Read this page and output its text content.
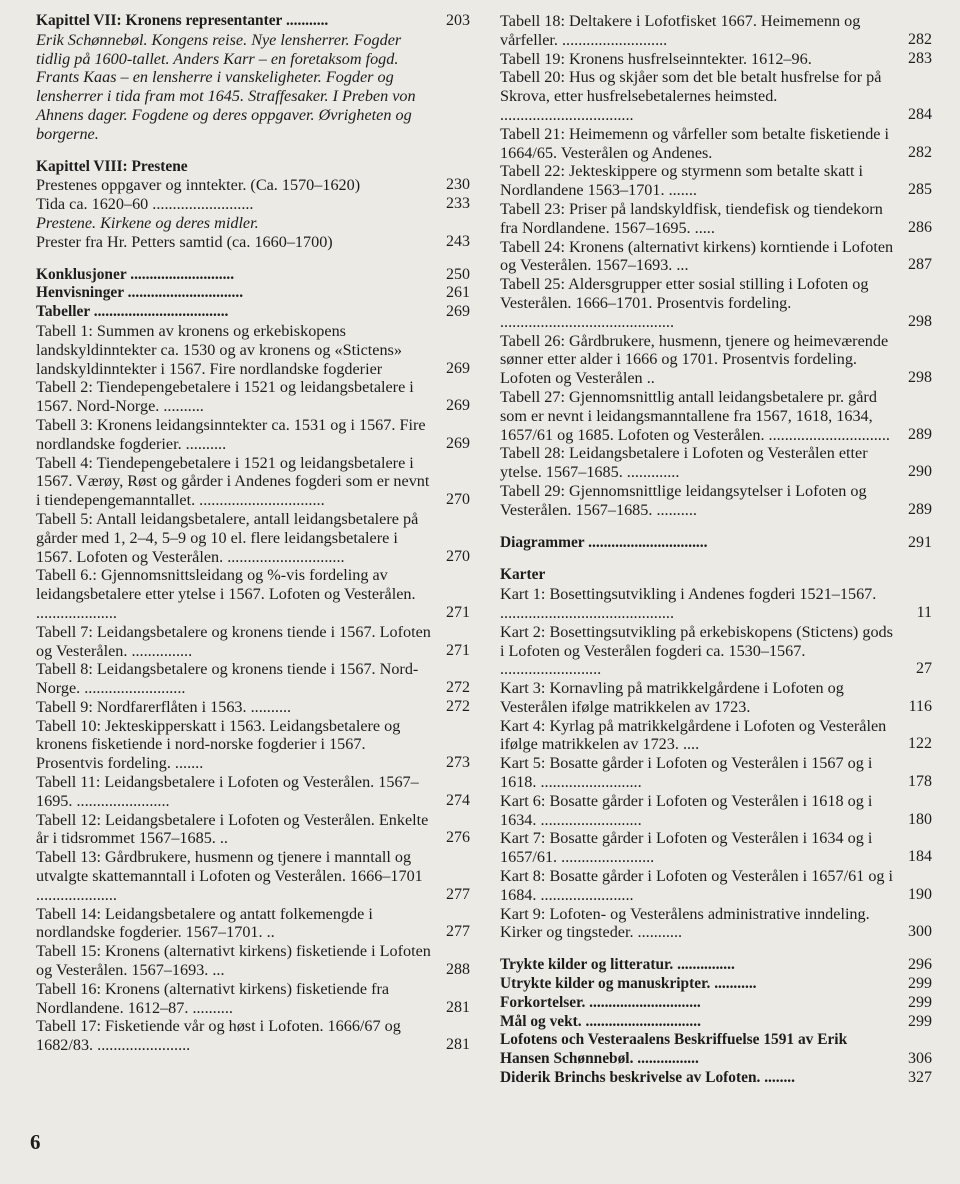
Kapittel VII: Kronens representanter ...........	203
Erik Schønnebøl. Kongens reise. Nye lensherrer. Fogder tidlig på 1600-tallet. Anders Karr – en foretaksom fogd. Frants Kaas – en lensherre i vanskeligheter. Fogder og lensherrer i tida fram mot 1645. Straffesaker. I Preben von Ahnens dager. Fogdene og deres oppgaver. Øvrigheten og borgerne.
Kapittel VIII: Prestene
Prestenes oppgaver og inntekter. (Ca. 1570–1620)	230
Tida ca. 1620–60 .........................	233
Prestene. Kirkene og deres midler.
Prester fra Hr. Petters samtid (ca. 1660–1700)	243
Konklusjoner ...........................	250
Henvisninger ..............................	261
Tabeller ...................................	269
Tabell 1: Summen av kronens og erkebiskopens landskyldinntekter ca. 1530 og av kronens og «Stictens» landskyldinntekter i 1567. Fire nordlandske fogderier	269
Tabell 2: Tiendepengebetalere i 1521 og leidangsbetalere i 1567. Nord-Norge. ..........	269
Tabell 3: Kronens leidangsinntekter ca. 1531 og i 1567. Fire nordlandske fogderier. ..........	269
Tabell 4: Tiendepengebetalere i 1521 og leidangsbetalere i 1567. Værøy, Røst og gårder i Andenes fogderi som er nevnt i tiendepengemanntallet. ...............................	270
Tabell 5: Antall leidangsbetalere, antall leidangsbetalere på gårder med 1, 2–4, 5–9 og 10 el. flere leidangsbetalere i 1567. Lofoten og Vesterålen. .............................	270
Tabell 6.: Gjennomsnittsleidang og %-vis fordeling av leidangsbetalere etter ytelse i 1567. Lofoten og Vesterålen. ....................	271
Tabell 7: Leidangsbetalere og kronens tiende i 1567. Lofoten og Vesterålen. ...............	271
Tabell 8: Leidangsbetalere og kronens tiende i 1567. Nord-Norge. .........................	272
Tabell 9: Nordfarerflåten i 1563. ..........	272
Tabell 10: Jekteskipperskatt i 1563. Leidangsbetalere og kronens fisketiende i nord-norske fogderier i 1567. Prosentvis fordeling. .......	273
Tabell 11: Leidangsbetalere i Lofoten og Vesterålen. 1567–1695. .......................	274
Tabell 12: Leidangsbetalere i Lofoten og Vesterålen. Enkelte år i tidsrommet 1567–1685. ..	276
Tabell 13: Gårdbrukere, husmenn og tjenere i manntall og utvalgte skattemanntall i Lofoten og Vesterålen. 1666–1701 ....................	277
Tabell 14: Leidangsbetalere og antatt folkemengde i nordlandske fogderier. 1567–1701. ..	277
Tabell 15: Kronens (alternativt kirkens) fisketiende i Lofoten og Vesterålen. 1567–1693. ...	288
Tabell 16: Kronens (alternativt kirkens) fisketiende fra Nordlandene. 1612–87. ..........	281
Tabell 17: Fisketiende vår og høst i Lofoten. 1666/67 og 1682/83. .......................	281
Tabell 18: Deltakere i Lofotfisket 1667. Heimemenn og vårfeller. ..........................	282
Tabell 19: Kronens husfrelseinntekter. 1612–96.	283
Tabell 20: Hus og skjåer som det ble betalt husfrelse for på Skrova, etter husfrelsebetalernes heimsted. .................................	284
Tabell 21: Heimemenn og vårfeller som betalte fisketiende i 1664/65. Vesterålen og Andenes.	282
Tabell 22: Jekteskippere og styrmenn som betalte skatt i Nordlandene 1563–1701. .......	285
Tabell 23: Priser på landskyldfisk, tiendefisk og tiendekorn fra Nordlandene. 1567–1695. .....	286
Tabell 24: Kronens (alternativt kirkens) korntiende i Lofoten og Vesterålen. 1567–1693. ...	287
Tabell 25: Aldersgrupper etter sosial stilling i Lofoten og Vesterålen. 1666–1701. Prosentvis fordeling. ...........................................	298
Tabell 26: Gårdbrukere, husmenn, tjenere og heimeværende sønner etter alder i 1666 og 1701. Prosentvis fordeling. Lofoten og Vesterålen ..	298
Tabell 27: Gjennomsnittlig antall leidangsbetalere pr. gård som er nevnt i leidangsmanntallene fra 1567, 1618, 1634, 1657/61 og 1685. Lofoten og Vesterålen. ..............................	289
Tabell 28: Leidangsbetalere i Lofoten og Vesterålen etter ytelse. 1567–1685. .............	290
Tabell 29: Gjennomsnittlige leidangsytelser i Lofoten og Vesterålen. 1567–1685. ..........	289
Diagrammer ...............................	291
Karter
Kart 1: Bosettingsutvikling i Andenes fogderi 1521–1567. ...........................................	11
Kart 2: Bosettingsutvikling på erkebiskopens (Stictens) gods i Lofoten og Vesterålen fogderi ca. 1530–1567. .........................	27
Kart 3: Kornavling på matrikkelgårdene i Lofoten og Vesterålen ifølge matrikkelen av 1723.	116
Kart 4: Kyrlag på matrikkelgårdene i Lofoten og Vesterålen ifølge matrikkelen av 1723. ....	122
Kart 5: Bosatte gårder i Lofoten og Vesterålen i 1567 og i 1618. .........................	178
Kart 6: Bosatte gårder i Lofoten og Vesterålen i 1618 og i 1634. .........................	180
Kart 7: Bosatte gårder i Lofoten og Vesterålen i 1634 og i 1657/61. .......................	184
Kart 8: Bosatte gårder i Lofoten og Vesterålen i 1657/61 og i 1684. .......................	190
Kart 9: Lofoten- og Vesterålens administrative inndeling. Kirker og tingsteder. ...........	300
Trykte kilder og litteratur. ...............	296
Utrykte kilder og manuskripter. ...........	299
Forkortelser. .............................	299
Mål og vekt. ..............................	299
Lofotens och Vesteraalens Beskriffuelse 1591 av Erik Hansen Schønnebøl. ................	306
Diderik Brinchs beskrivelse av Lofoten. ........	327
6
